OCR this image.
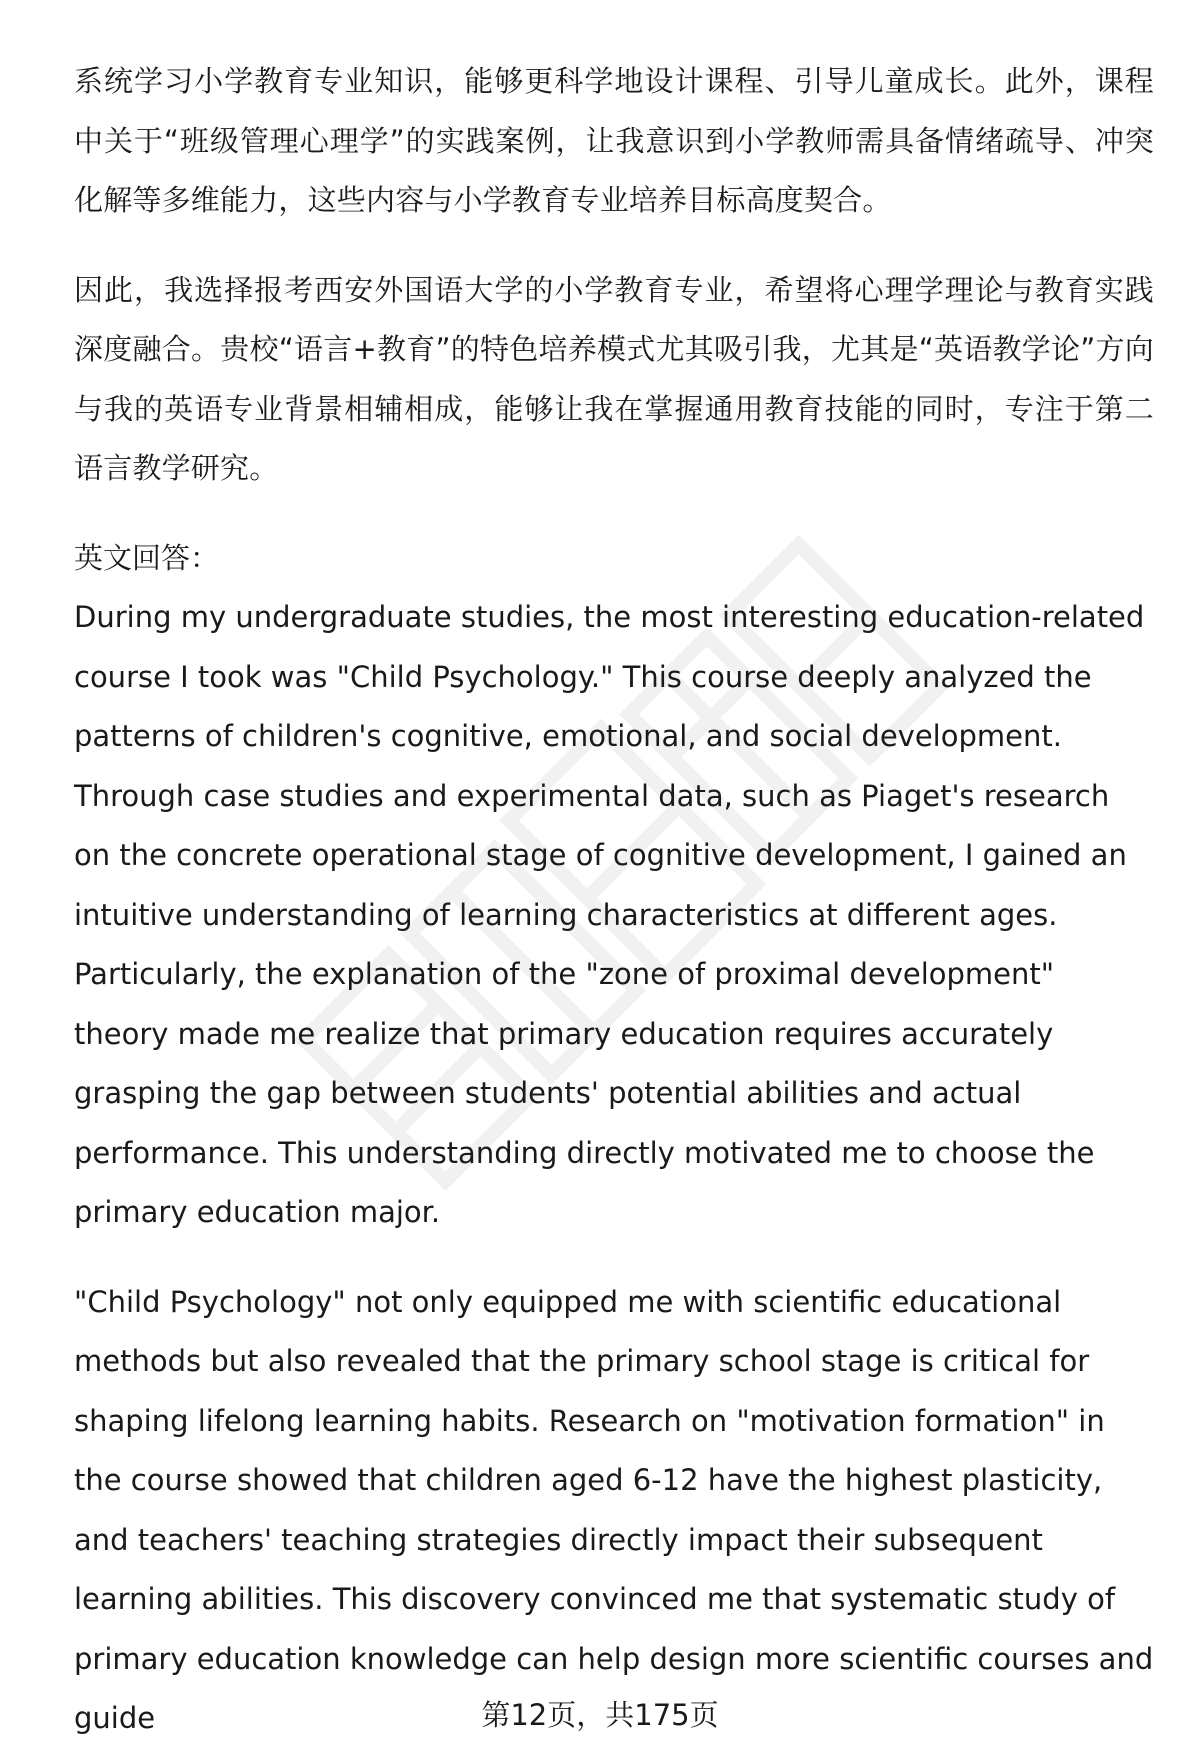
系统学习小学教育专业知识，能够更科学地设计课程、引导儿童成长。此外，课程中关于“班级管理心理学”的实践案例，让我意识到小学教师需具备情绪疏导、冲突化解等多维能力，这些内容与小学教育专业培养目标高度契合。

因此，我选择报考西安外国语大学的小学教育专业，希望将心理学理论与教育实践深度融合。贵校“语言+教育”的特色培养模式尤其吸引我，尤其是“英语教学论”方向与我的英语专业背景相辅相成，能够让我在掌握通用教育技能的同时，专注于第二语言教学研究。

英文回答：

During my undergraduate studies, the most interesting education-related course I took was "Child Psychology." This course deeply analyzed the patterns of children's cognitive, emotional, and social development. Through case studies and experimental data, such as Piaget's research on the concrete operational stage of cognitive development, I gained an intuitive understanding of learning characteristics at different ages. Particularly, the explanation of the "zone of proximal development" theory made me realize that primary education requires accurately grasping the gap between students' potential abilities and actual performance. This understanding directly motivated me to choose the primary education major.

"Child Psychology" not only equipped me with scientific educational methods but also revealed that the primary school stage is critical for shaping lifelong learning habits. Research on "motivation formation" in the course showed that children aged 6-12 have the highest plasticity, and teachers' teaching strategies directly impact their subsequent learning abilities. This discovery convinced me that systematic study of primary education knowledge can help design more scientific courses and guide	第12页，共175页
